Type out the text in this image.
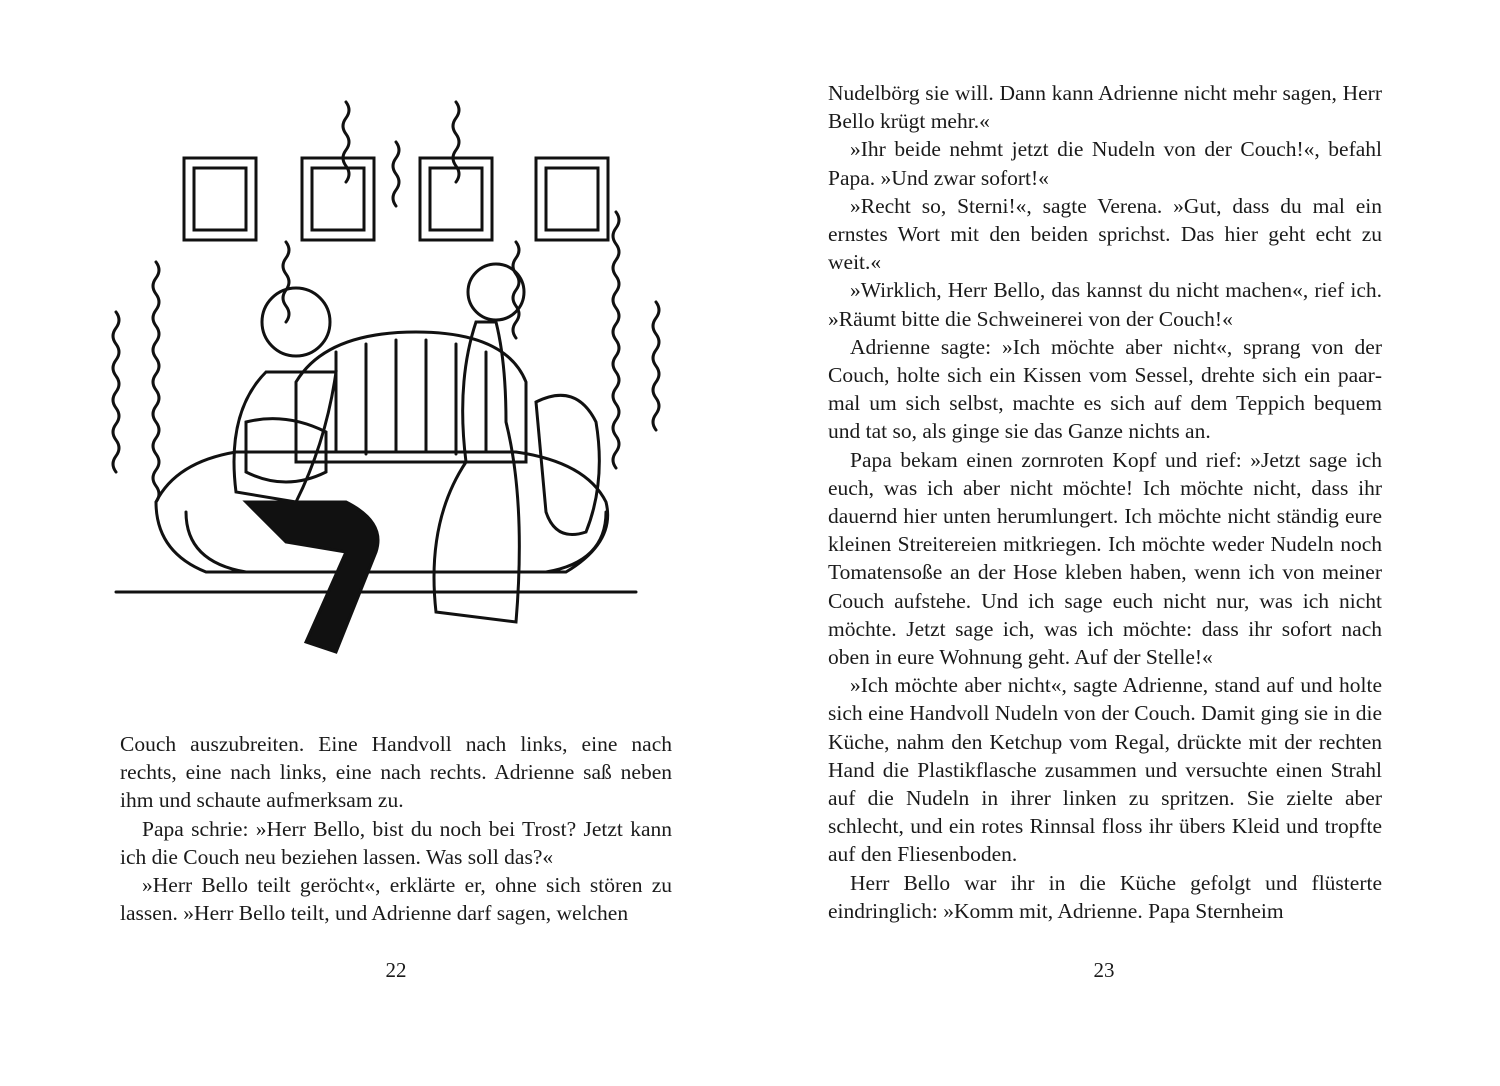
Couch auszubreiten. Eine Handvoll nach links, eine nach rechts, eine nach links, eine nach rechts. Adrienne saß neben ihm und schaute aufmerksam zu.

Papa schrie: »Herr Bello, bist du noch bei Trost? Jetzt kann ich die Couch neu beziehen lassen. Was soll das?«

»Herr Bello teilt geröcht«, erklärte er, ohne sich stören zu lassen. »Herr Bello teilt, und Adrienne darf sagen, welchen

22

Nudelbörg sie will. Dann kann Adrienne nicht mehr sagen, Herr Bello krügt mehr.«

»Ihr beide nehmt jetzt die Nudeln von der Couch!«, befahl Papa. »Und zwar sofort!«

»Recht so, Sterni!«, sagte Verena. »Gut, dass du mal ein ernstes Wort mit den beiden sprichst. Das hier geht echt zu weit.«

»Wirklich, Herr Bello, das kannst du nicht machen«, rief ich. »Räumt bitte die Schweinerei von der Couch!«

Adrienne sagte: »Ich möchte aber nicht«, sprang von der Couch, holte sich ein Kissen vom Sessel, drehte sich ein paarmal um sich selbst, machte es sich auf dem Teppich bequem und tat so, als ginge sie das Ganze nichts an.

Papa bekam einen zornroten Kopf und rief: »Jetzt sage ich euch, was ich aber nicht möchte! Ich möchte nicht, dass ihr dauernd hier unten herumlungert. Ich möchte nicht ständig eure kleinen Streitereien mitkriegen. Ich möchte weder Nudeln noch Tomatensoße an der Hose kleben haben, wenn ich von meiner Couch aufstehe. Und ich sage euch nicht nur, was ich nicht möchte. Jetzt sage ich, was ich möchte: dass ihr sofort nach oben in eure Wohnung geht. Auf der Stelle!«

»Ich möchte aber nicht«, sagte Adrienne, stand auf und holte sich eine Handvoll Nudeln von der Couch. Damit ging sie in die Küche, nahm den Ketchup vom Regal, drückte mit der rechten Hand die Plastikflasche zusammen und versuchte einen Strahl auf die Nudeln in ihrer linken zu spritzen. Sie zielte aber schlecht, und ein rotes Rinnsal floss ihr übers Kleid und tropfte auf den Fliesenboden.

Herr Bello war ihr in die Küche gefolgt und flüsterte eindringlich: »Komm mit, Adrienne. Papa Sternheim

23
